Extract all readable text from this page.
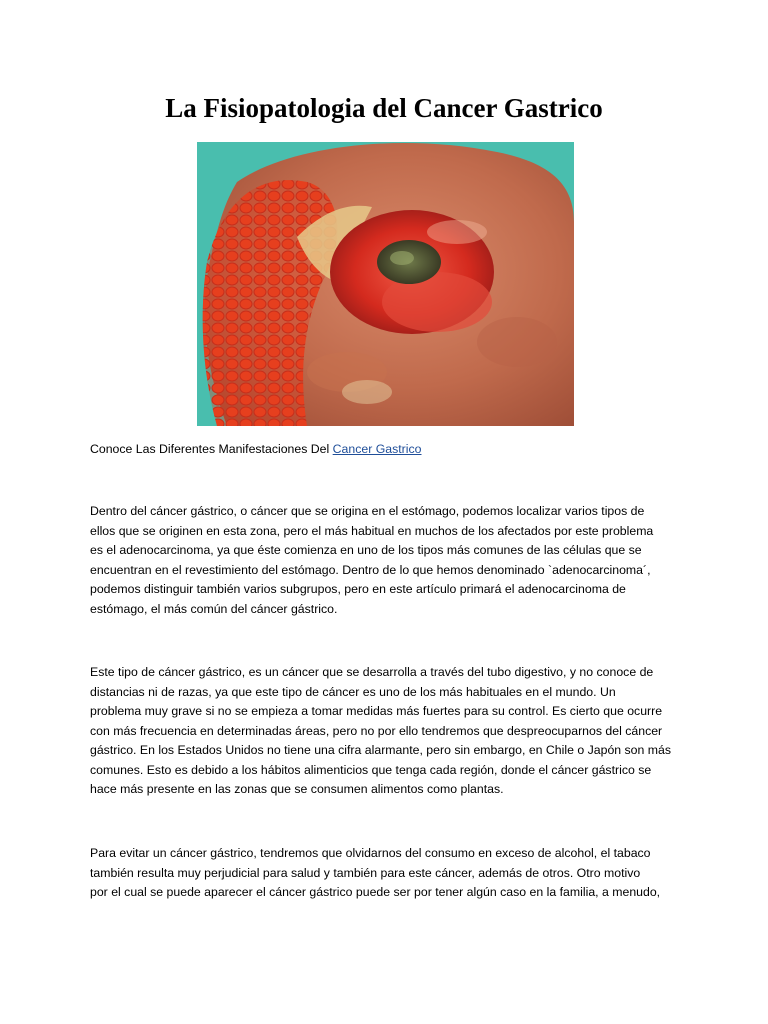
La Fisiopatologia del Cancer Gastrico
Conoce Las Diferentes Manifestaciones Del Cancer Gastrico
Dentro del cáncer gástrico, o cáncer que se origina en el estómago, podemos localizar varios tipos de
ellos que se originen en esta zona, pero el más habitual en muchos de los afectados por este problema
es el adenocarcinoma, ya que éste comienza en uno de los tipos más comunes de las células que se
encuentran en el revestimiento del estómago. Dentro de lo que hemos denominado `adenocarcinoma´,
podemos distinguir también varios subgrupos, pero en este artículo primará el adenocarcinoma de
estómago, el más común del cáncer gástrico.
Este tipo de cáncer gástrico, es un cáncer que se desarrolla a través del tubo digestivo, y no conoce de
distancias ni de razas, ya que este tipo de cáncer es uno de los más habituales en el mundo. Un
problema muy grave si no se empieza a tomar medidas más fuertes para su control. Es cierto que ocurre
con más frecuencia en determinadas áreas, pero no por ello tendremos que despreocuparnos del cáncer
gástrico. En los Estados Unidos no tiene una cifra alarmante, pero sin embargo, en Chile o Japón son más
comunes. Esto es debido a los hábitos alimenticios que tenga cada región, donde el cáncer gástrico se
hace más presente en las zonas que se consumen alimentos como plantas.
Para evitar un cáncer gástrico, tendremos que olvidarnos del consumo en exceso de alcohol, el tabaco
también resulta muy perjudicial para salud y también para este cáncer, además de otros. Otro motivo
por el cual se puede aparecer el cáncer gástrico puede ser por tener algún caso en la familia, a menudo,
